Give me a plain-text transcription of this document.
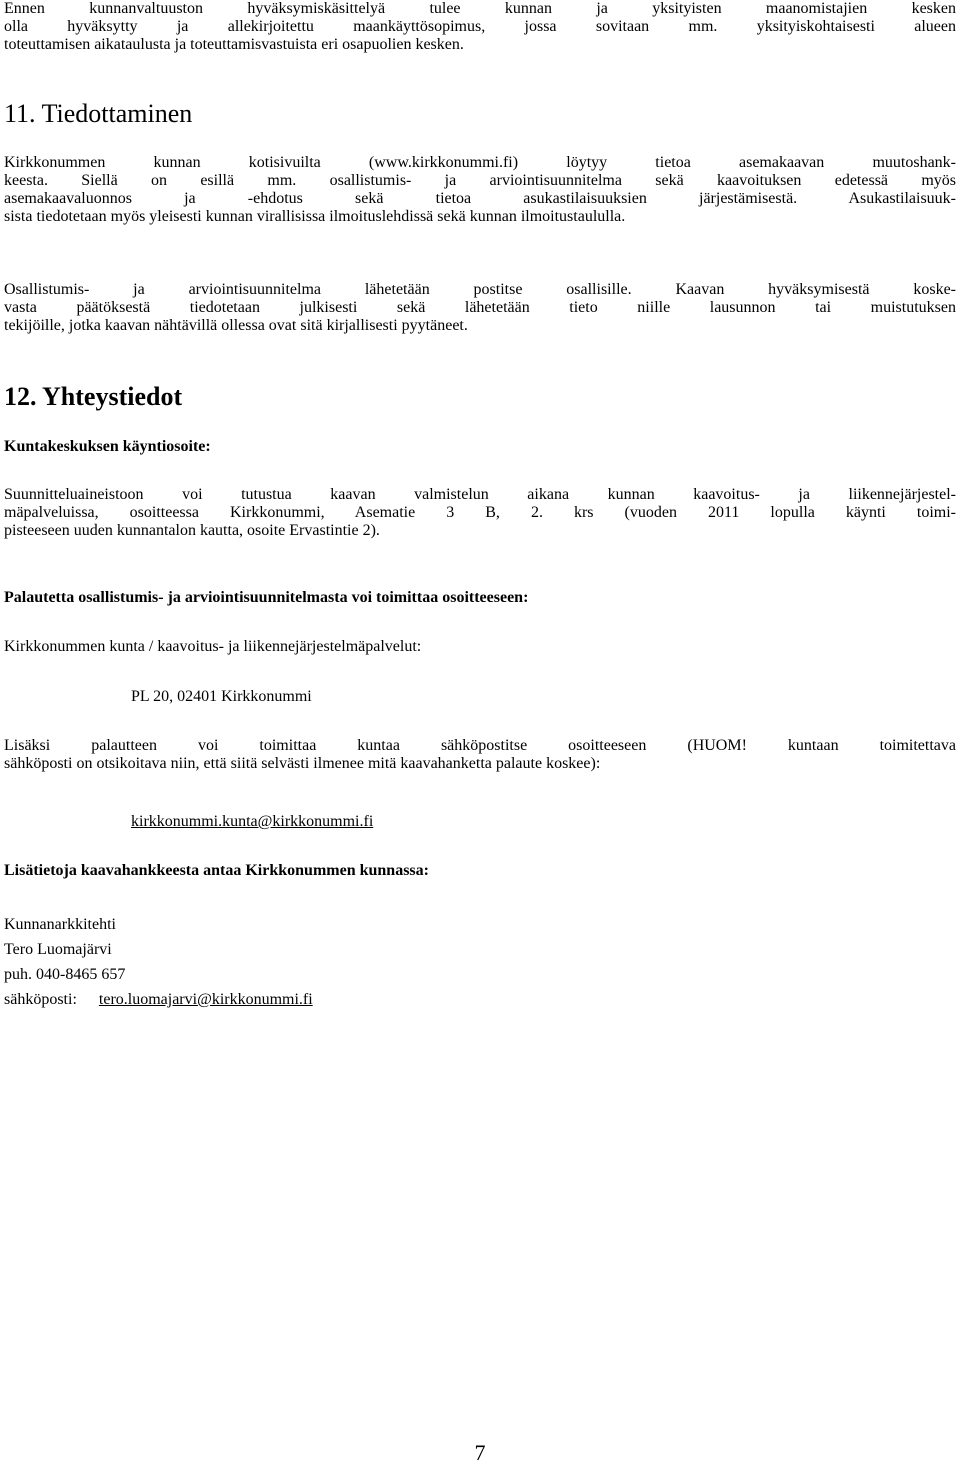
Ennen kunnanvaltuuston hyväksymiskäsittelyä tulee kunnan ja yksityisten maanomistajien kesken
olla hyväksytty ja allekirjoitettu maankäyttösopimus, jossa sovitaan mm. yksityiskohtaisesti alueen
toteuttamisen aikataulusta ja toteuttamisvastuista eri osapuolien kesken.
11. Tiedottaminen
Kirkkonummen kunnan kotisivuilta (www.kirkkonummi.fi) löytyy tietoa asemakaavan muutoshank-
keesta. Siellä on esillä mm. osallistumis- ja arviointisuunnitelma sekä kaavoituksen edetessä myös
asemakaavaluonnos ja -ehdotus sekä tietoa asukastilaisuuksien järjestämisestä. Asukastilaisuuk-
sista tiedotetaan myös yleisesti kunnan virallisissa ilmoituslehdissä sekä kunnan ilmoitustaululla.
Osallistumis- ja arviointisuunnitelma lähetetään postitse osallisille. Kaavan hyväksymisestä koske-
vasta päätöksestä tiedotetaan julkisesti sekä lähetetään tieto niille lausunnon tai muistutuksen
tekijöille, jotka kaavan nähtävillä ollessa ovat sitä kirjallisesti pyytäneet.
12. Yhteystiedot
Kuntakeskuksen käyntiosoite:
Suunnitteluaineistoon voi tutustua kaavan valmistelun aikana kunnan kaavoitus- ja liikennejärjestel-
mäpalveluissa, osoitteessa Kirkkonummi, Asematie 3 B, 2. krs (vuoden 2011 lopulla käynti toimi-
pisteeseen uuden kunnantalon kautta, osoite Ervastintie 2).
Palautetta osallistumis- ja arviointisuunnitelmasta voi toimittaa osoitteeseen:
Kirkkonummen kunta / kaavoitus- ja liikennejärjestelmäpalvelut:
PL 20, 02401 Kirkkonummi
Lisäksi palautteen voi toimittaa kuntaa sähköpostitse osoitteeseen (HUOM! kuntaan toimitettava
sähköposti on otsikoitava niin, että siitä selvästi ilmenee mitä kaavahanketta palaute koskee):
kirkkonummi.kunta@kirkkonummi.fi
Lisätietoja kaavahankkeesta antaa Kirkkonummen kunnassa:
Kunnanarkkitehti
Tero Luomajärvi
puh. 040-8465 657
sähköposti: tero.luomajarvi@kirkkonummi.fi
7
